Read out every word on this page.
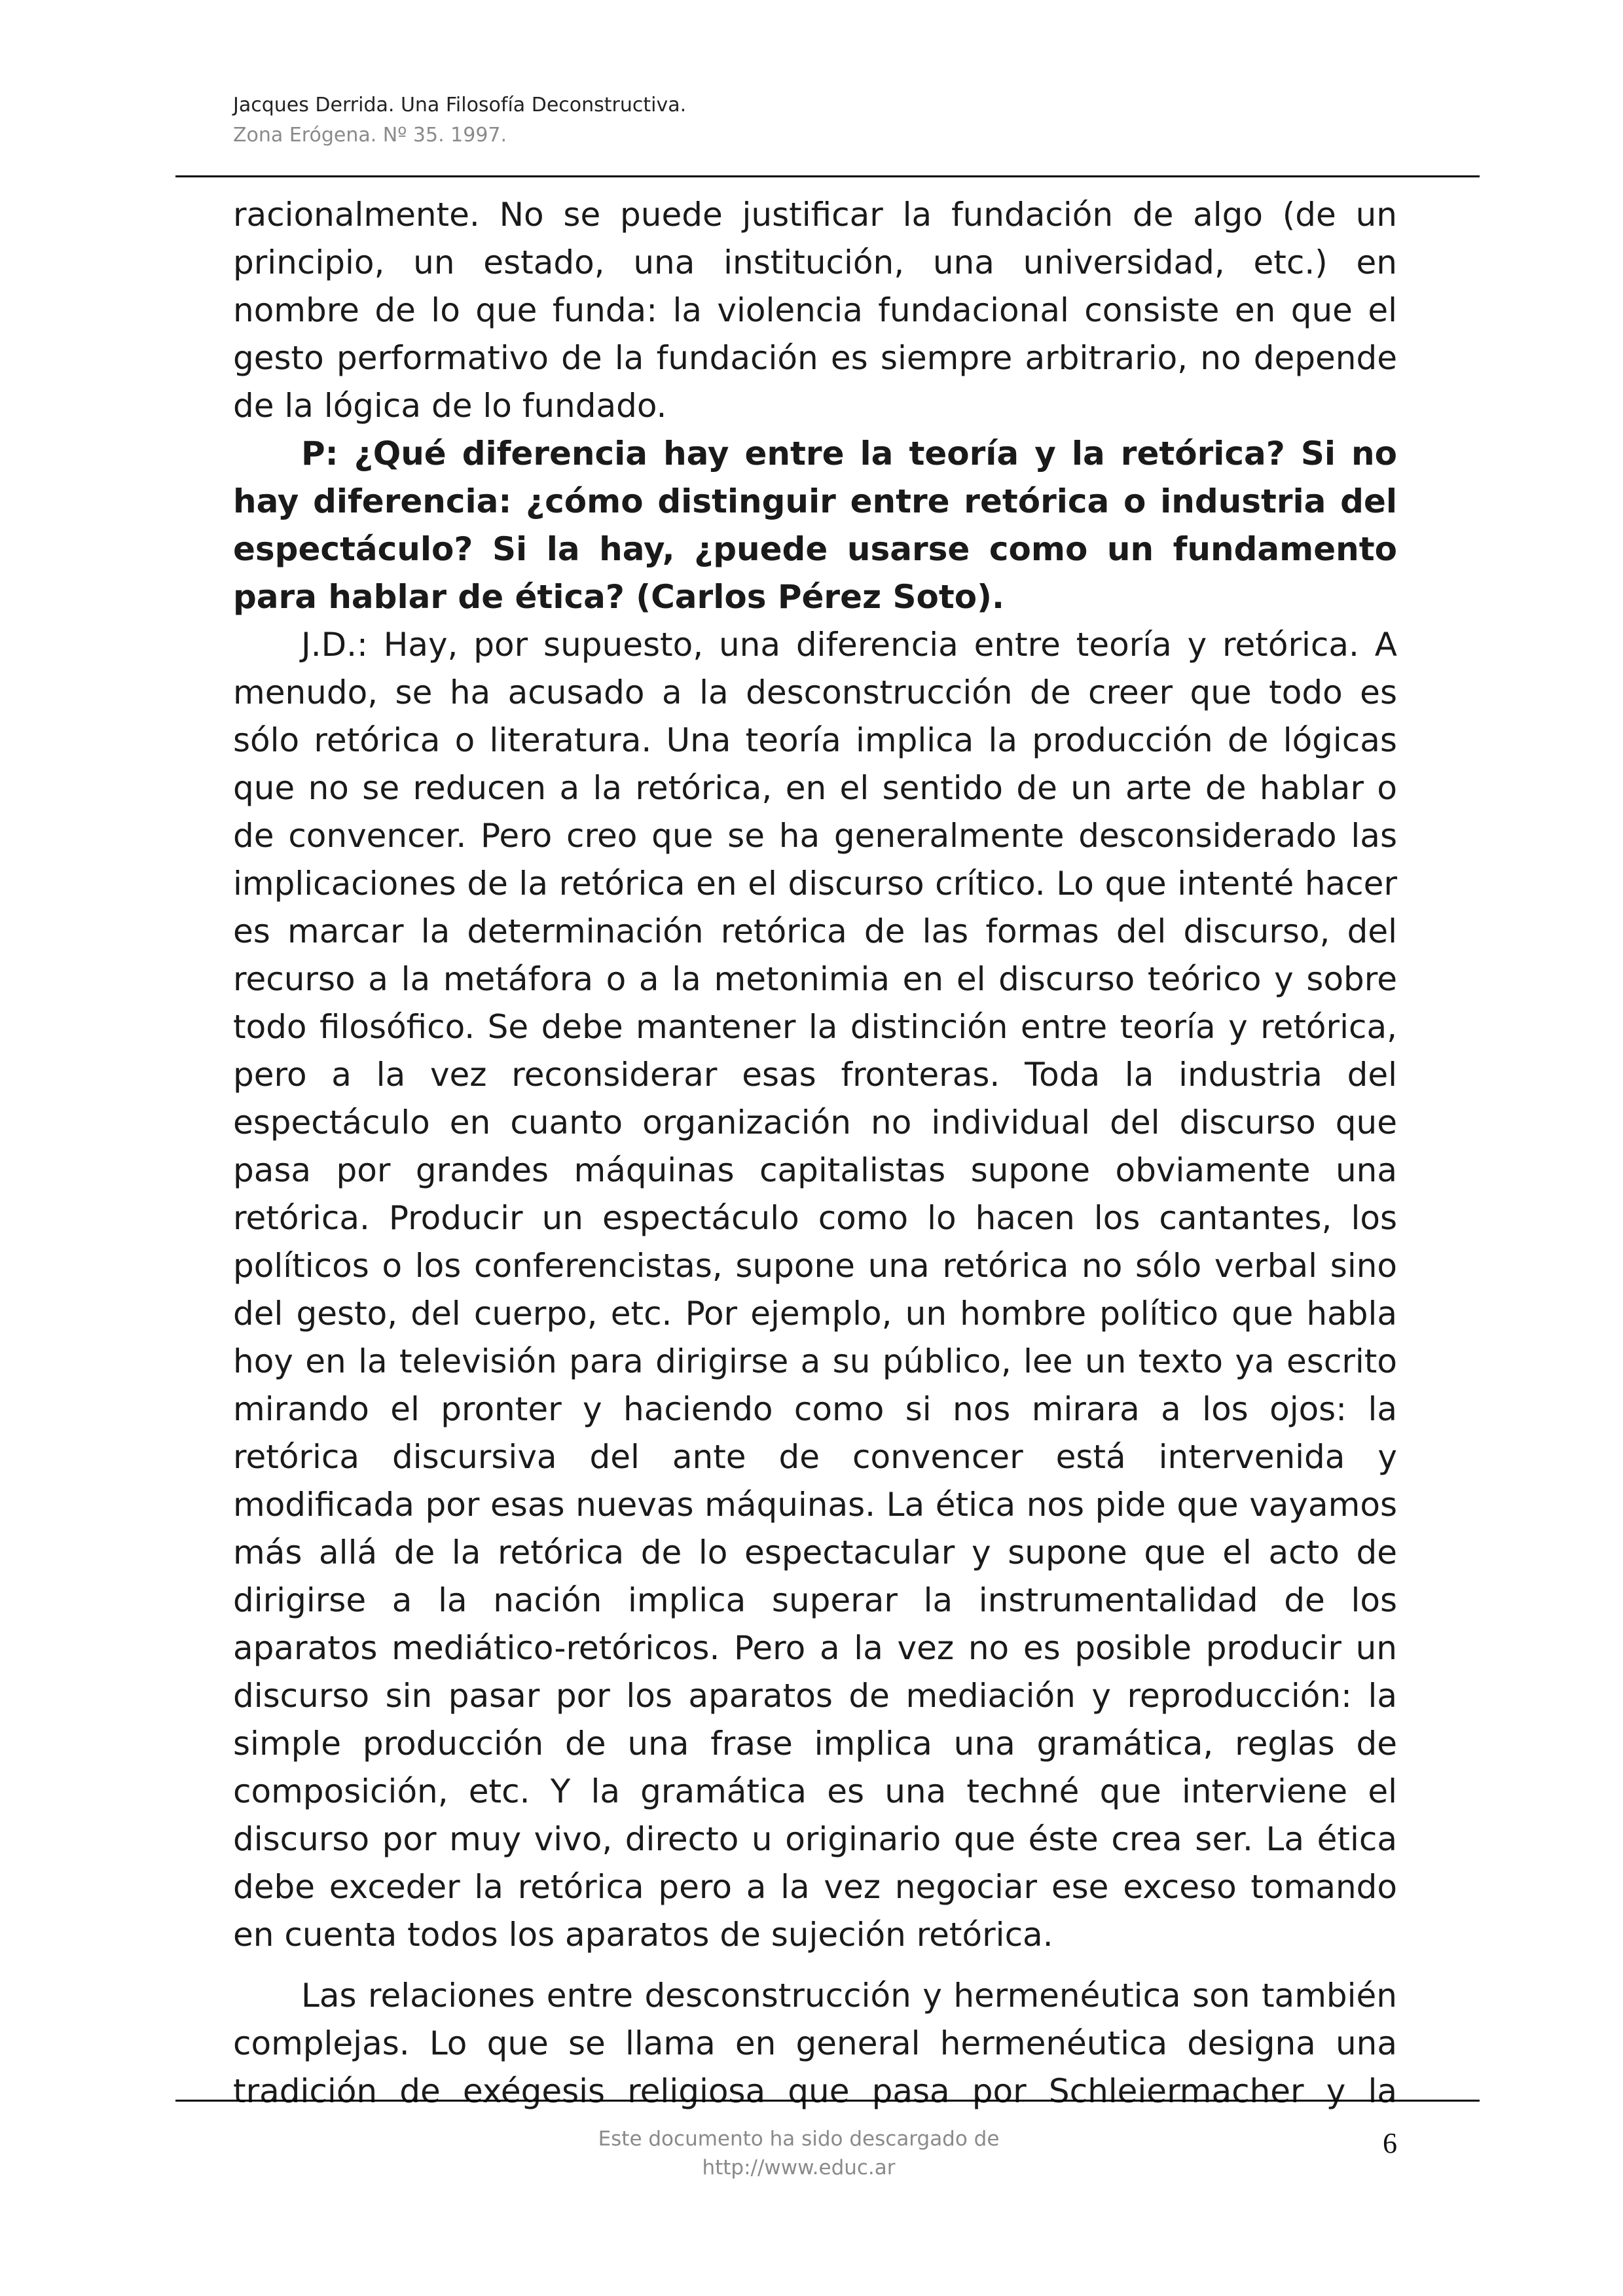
Jacques Derrida. Una Filosofía Deconstructiva.
Zona Erógena. Nº 35. 1997.
racionalmente. No se puede justificar la fundación de algo (de un
principio, un estado, una institución, una universidad, etc.) en
nombre de lo que funda: la violencia fundacional consiste en que el
gesto performativo de la fundación es siempre arbitrario, no depende
de la lógica de lo fundado.
P: ¿Qué diferencia hay entre la teoría y la retórica? Si no
hay diferencia: ¿cómo distinguir entre retórica o industria del
espectáculo? Si la hay, ¿puede usarse como un fundamento
para hablar de ética? (Carlos Pérez Soto).
J.D.: Hay, por supuesto, una diferencia entre teoría y retórica. A
menudo, se ha acusado a la desconstrucción de creer que todo es
sólo retórica o literatura. Una teoría implica la producción de lógicas
que no se reducen a la retórica, en el sentido de un arte de hablar o
de convencer. Pero creo que se ha generalmente desconsiderado las
implicaciones de la retórica en el discurso crítico. Lo que intenté hacer
es marcar la determinación retórica de las formas del discurso, del
recurso a la metáfora o a la metonimia en el discurso teórico y sobre
todo filosófico. Se debe mantener la distinción entre teoría y retórica,
pero a la vez reconsiderar esas fronteras. Toda la industria del
espectáculo en cuanto organización no individual del discurso que
pasa por grandes máquinas capitalistas supone obviamente una
retórica. Producir un espectáculo como lo hacen los cantantes, los
políticos o los conferencistas, supone una retórica no sólo verbal sino
del gesto, del cuerpo, etc. Por ejemplo, un hombre político que habla
hoy en la televisión para dirigirse a su público, lee un texto ya escrito
mirando el pronter y haciendo como si nos mirara a los ojos: la
retórica discursiva del ante de convencer está intervenida y
modificada por esas nuevas máquinas. La ética nos pide que vayamos
más allá de la retórica de lo espectacular y supone que el acto de
dirigirse a la nación implica superar la instrumentalidad de los
aparatos mediático-retóricos. Pero a la vez no es posible producir un
discurso sin pasar por los aparatos de mediación y reproducción: la
simple producción de una frase implica una gramática, reglas de
composición, etc. Y la gramática es una techné que interviene el
discurso por muy vivo, directo u originario que éste crea ser. La ética
debe exceder la retórica pero a la vez negociar ese exceso tomando
en cuenta todos los aparatos de sujeción retórica.
Las relaciones entre desconstrucción y hermenéutica son también
complejas. Lo que se llama en general hermenéutica designa una
tradición de exégesis religiosa que pasa por Schleiermacher y la
Este documento ha sido descargado de
http://www.educ.ar
6
